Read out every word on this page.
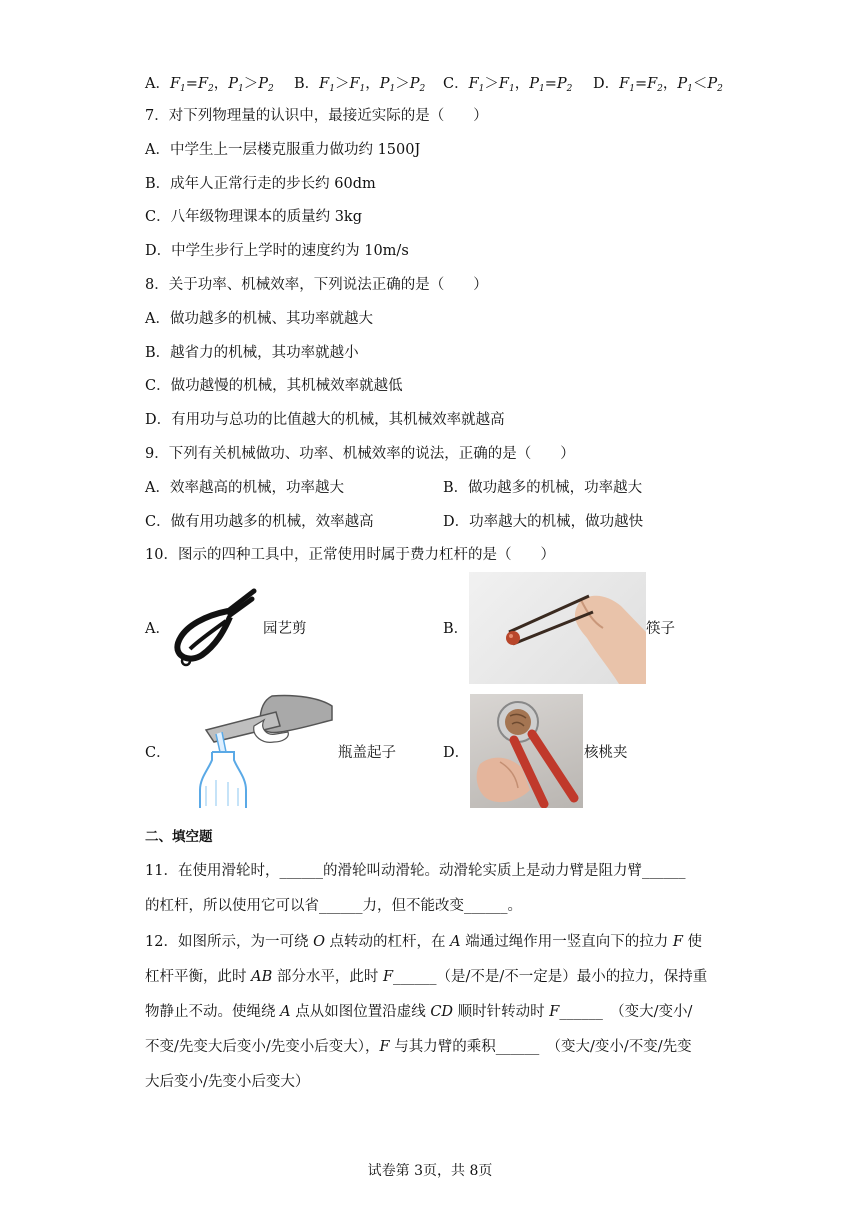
A．$F_1=F_2$，$P_1>P_2$ B．$F_1>F_1$，$P_1>P_2$ C．$F_1>F_1$，$P_1=P_2$ D．$F_1=F_2$，$P_1<P_2$
7．对下列物理量的认识中，最接近实际的是（　　）
A．中学生上一层楼克服重力做功约 1500J
B．成年人正常行走的步长约 60dm
C．八年级物理课本的质量约 3kg
D．中学生步行上学时的速度约为 10m/s
8．关于功率、机械效率，下列说法正确的是（　　）
A．做功越多的机械、其功率就越大
B．越省力的机械，其功率就越小
C．做功越慢的机械，其机械效率就越低
D．有用功与总功的比值越大的机械，其机械效率就越高
9．下列有关机械做功、功率、机械效率的说法，正确的是（　　）
A．效率越高的机械，功率越大	B．做功越多的机械，功率越大
C．做有用功越多的机械，效率越高	D．功率越大的机械，做功越快
10．图示的四种工具中，正常使用时属于费力杠杆的是（　　）
A．	园艺剪	B．	筷子
C．	瓶盖起子	D．	核桃夹
二、填空题
11．在使用滑轮时，______的滑轮叫动滑轮。动滑轮实质上是动力臂是阻力臂______
的杠杆，所以使用它可以省______力，但不能改变______。
12．如图所示，为一可绕 O 点转动的杠杆，在 A 端通过绳作用一竖直向下的拉力 F 使
杠杆平衡，此时 AB 部分水平，此时 F______（是/不是/不一定是）最小的拉力，保持重
物静止不动。使绳绕 A 点从如图位置沿虚线 CD 顺时针转动时 F______　（变大/变小/
不变/先变大后变小/先变小后变大），F 与其力臂的乘积______　（变大/变小/不变/先变
大后变小/先变小后变大）
试卷第 3页，共 8页
